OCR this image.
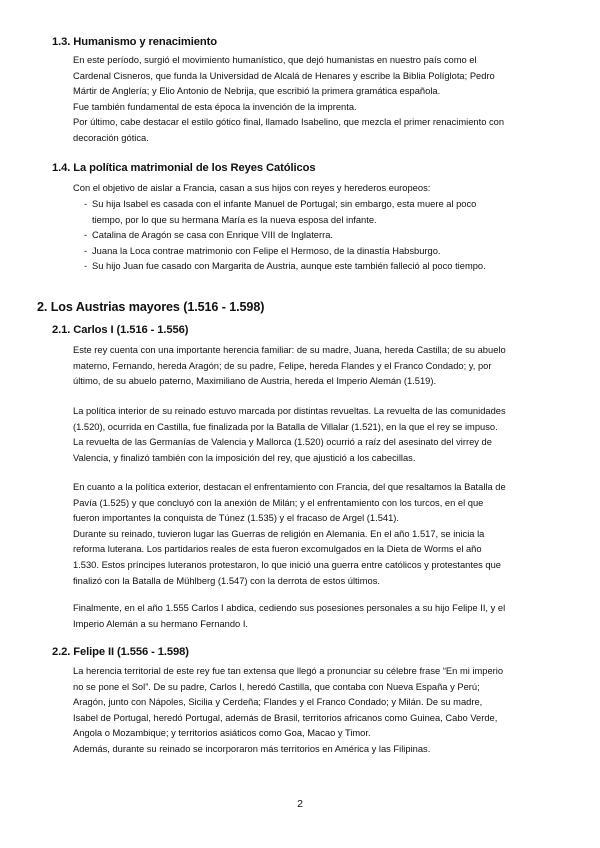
1.3. Humanismo y renacimiento

En este período, surgió el movimiento humanístico, que dejó humanistas en nuestro país como el

Cardenal Cisneros, que funda la Universidad de Alcalá de Henares y escribe la Biblia Políglota; Pedro

Mártir de Anglería; y Elio Antonio de Nebrija, que escribió la primera gramática española.

Fue también fundamental de esta época la invención de la imprenta.

Por último, cabe destacar el estilo gótico final, llamado Isabelino, que mezcla el primer renacimiento con

decoración gótica.

1.4. La política matrimonial de los Reyes Católicos

Con el objetivo de aislar a Francia, casan a sus hijos con reyes y herederos europeos:

- Su hija Isabel es casada con el infante Manuel de Portugal; sin embargo, esta muere al poco
tiempo, por lo que su hermana María es la nueva esposa del infante.
- Catalina de Aragón se casa con Enrique VIII de Inglaterra.
- Juana la Loca contrae matrimonio con Felipe el Hermoso, de la dinastía Habsburgo.
- Su hijo Juan fue casado con Margarita de Austria, aunque este también falleció al poco tiempo.
2. Los Austrias mayores (1.516 - 1.598)
2.1. Carlos I (1.516 - 1.556)

Este rey cuenta con una importante herencia familiar: de su madre, Juana, hereda Castilla; de su abuelo

materno, Fernando, hereda Aragón; de su padre, Felipe, hereda Flandes y el Franco Condado; y, por

último, de su abuelo paterno, Maximiliano de Austria, hereda el Imperio Alemán (1.519).

La política interior de su reinado estuvo marcada por distintas revueltas. La revuelta de las comunidades

(1.520), ocurrida en Castilla, fue finalizada por la Batalla de Villalar (1.521), en la que el rey se impuso.

La revuelta de las Germanías de Valencia y Mallorca (1.520) ocurrió a raíz del asesinato del virrey de

Valencia, y finalizó también con la imposición del rey, que ajustició a los cabecillas.

En cuanto a la política exterior, destacan el enfrentamiento con Francia, del que resaltamos la Batalla de

Pavía (1.525) y que concluyó con la anexión de Milán; y el enfrentamiento con los turcos, en el que

fueron importantes la conquista de Túnez (1.535) y el fracaso de Argel (1.541).

Durante su reinado, tuvieron lugar las Guerras de religión en Alemania. En el año 1.517, se inicia la

reforma luterana. Los partidarios reales de esta fueron excomulgados en la Dieta de Worms el año

1.530. Estos príncipes luteranos protestaron, lo que inició una guerra entre católicos y protestantes que

finalizó con la Batalla de Mühlberg (1.547) con la derrota de estos últimos.

Finalmente, en el año 1.555 Carlos I abdica, cediendo sus posesiones personales a su hijo Felipe II, y el

Imperio Alemán a su hermano Fernando I.

2.2. Felipe II (1.556 - 1.598)

La herencia territorial de este rey fue tan extensa que llegó a pronunciar su célebre frase “En mi imperio

no se pone el Sol”. De su padre, Carlos I, heredó Castilla, que contaba con Nueva España y Perú;

Aragón, junto con Nápoles, Sicilia y Cerdeña; Flandes y el Franco Condado; y Milán. De su madre,

Isabel de Portugal, heredó Portugal, además de Brasil, territorios africanos como Guinea, Cabo Verde,

Angola o Mozambique; y territorios asiáticos como Goa, Macao y Timor.

Además, durante su reinado se incorporaron más territorios en América y las Filipinas.

2
